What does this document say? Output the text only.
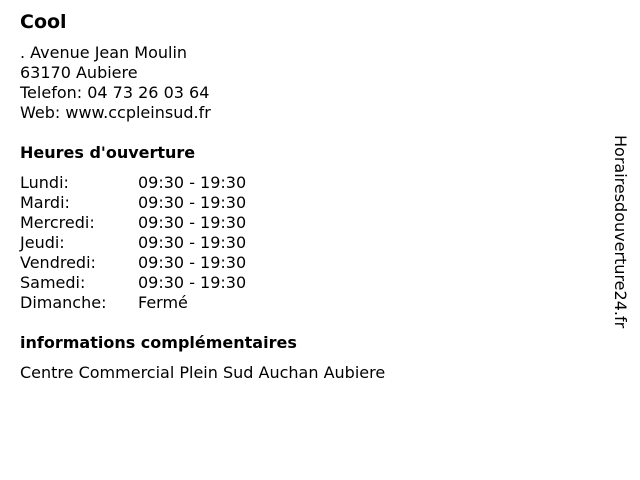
Cool
. Avenue Jean Moulin
63170 Aubiere
Telefon: 04 73 26 03 64
Web: www.ccpleinsud.fr
Heures d'ouverture
Lundi:	09:30 - 19:30
Mardi:	09:30 - 19:30
Mercredi:	09:30 - 19:30
Jeudi:	09:30 - 19:30
Vendredi:	09:30 - 19:30
Samedi:	09:30 - 19:30
Dimanche:	Fermé
informations complémentaires
Centre Commercial Plein Sud Auchan Aubiere
Horairesdouverture24.fr
